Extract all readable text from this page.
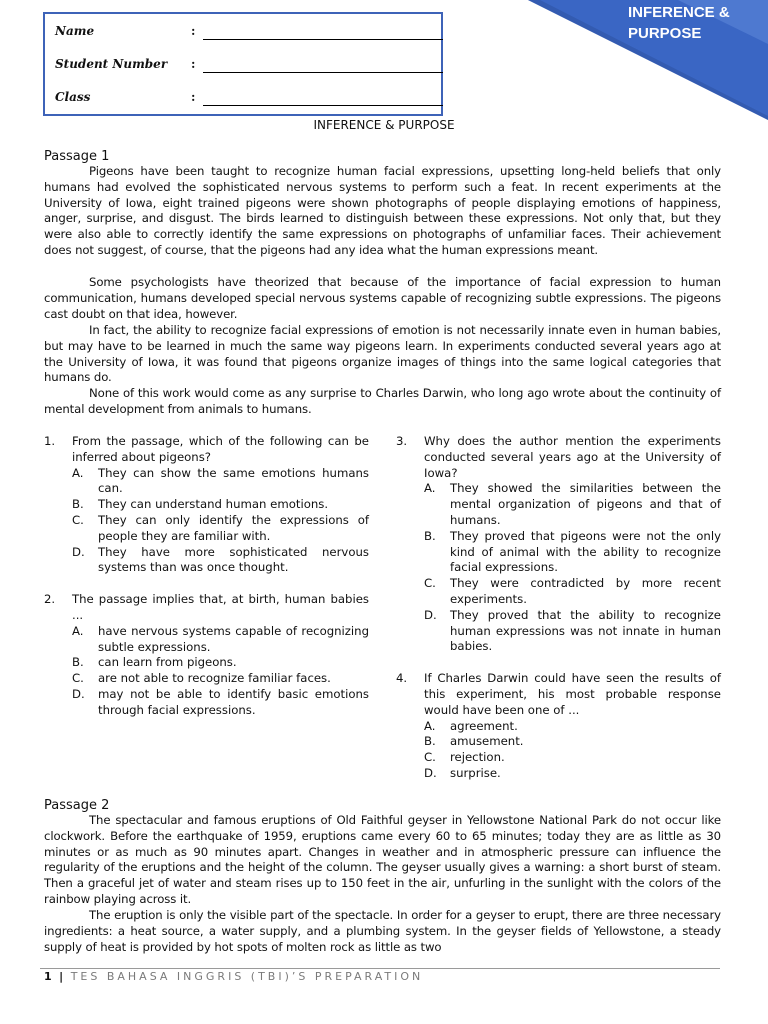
INFERENCE &
PURPOSE
Name	:
Student Number :
Class	:
INFERENCE & PURPOSE
Passage 1

Pigeons have been taught to recognize human facial expressions, upsetting long-held beliefs that only humans had evolved the sophisticated nervous systems to perform such a feat. In recent experiments at the University of Iowa, eight trained pigeons were shown photographs of people displaying emotions of happiness, anger, surprise, and disgust. The birds learned to distinguish between these expressions. Not only that, but they were also able to correctly identify the same expressions on photographs of unfamiliar faces. Their achievement does not suggest, of course, that the pigeons had any idea what the human expressions meant.

Some psychologists have theorized that because of the importance of facial expression to human communication, humans developed special nervous systems capable of recognizing subtle expressions. The pigeons cast doubt on that idea, however.

In fact, the ability to recognize facial expressions of emotion is not necessarily innate even in human babies, but may have to be learned in much the same way pigeons learn. In experiments conducted several years ago at the University of Iowa, it was found that pigeons organize images of things into the same logical categories that humans do.

None of this work would come as any surprise to Charles Darwin, who long ago wrote about the continuity of mental development from animals to humans.

1. From the passage, which of the following can be inferred about pigeons?

A. They can show the same emotions humans can.
B. They can understand human emotions.
C. They can only identify the expressions of people they are familiar with.
D. They have more sophisticated nervous systems than was once thought.
2. The passage implies that, at birth, human babies ...

A. have nervous systems capable of recognizing subtle expressions.
B. can learn from pigeons.
C. are not able to recognize familiar faces.
D. may not be able to identify basic emotions through facial expressions.
3. Why does the author mention the experiments conducted several years ago at the University of Iowa?

A. They showed the similarities between the mental organization of pigeons and that of humans.
B. They proved that pigeons were not the only kind of animal with the ability to recognize facial expressions.
C. They were contradicted by more recent experiments.
D. They proved that the ability to recognize human expressions was not innate in human babies.
4. If Charles Darwin could have seen the results of this experiment, his most probable response would have been one of ...

A. agreement.
B. amusement.
C. rejection.
D. surprise.
Passage 2

The spectacular and famous eruptions of Old Faithful geyser in Yellowstone National Park do not occur like clockwork. Before the earthquake of 1959, eruptions came every 60 to 65 minutes; today they are as little as 30 minutes or as much as 90 minutes apart. Changes in weather and in atmospheric pressure can influence the regularity of the eruptions and the height of the column. The geyser usually gives a warning: a short burst of steam. Then a graceful jet of water and steam rises up to 150 feet in the air, unfurling in the sunlight with the colors of the rainbow playing across it.

The eruption is only the visible part of the spectacle. In order for a geyser to erupt, there are three necessary ingredients: a heat source, a water supply, and a plumbing system. In the geyser fields of Yellowstone, a steady supply of heat is provided by hot spots of molten rock as little as two

1 | TES BAHASA INGGRIS (TBI)’S PREPARATION
